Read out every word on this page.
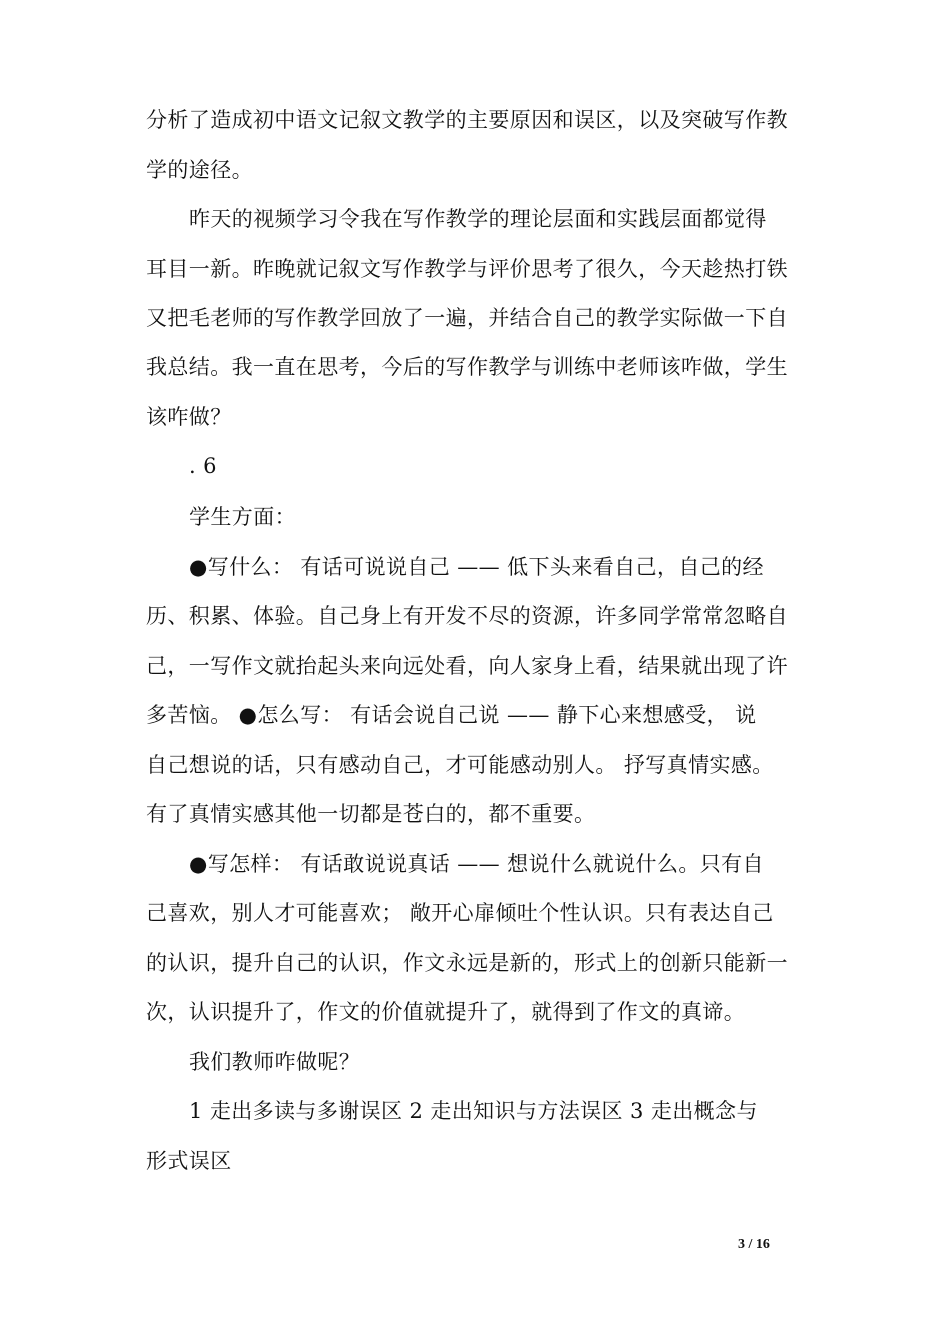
分析了造成初中语文记叙文教学的主要原因和误区，以及突破写作教
学的途径。
昨天的视频学习令我在写作教学的理论层面和实践层面都觉得
耳目一新。昨晚就记叙文写作教学与评价思考了很久，今天趁热打铁
又把毛老师的写作教学回放了一遍，并结合自己的教学实际做一下自
我总结。我一直在思考，今后的写作教学与训练中老师该咋做，学生
该咋做？
. 6
学生方面：
●写什么： 有话可说说自己 —— 低下头来看自己，自己的经
历、积累、体验。自己身上有开发不尽的资源，许多同学常常忽略自
己，一写作文就抬起头来向远处看，向人家身上看，结果就出现了许
多苦恼。 ●怎么写： 有话会说自己说 —— 静下心来想感受， 说
自己想说的话，只有感动自己，才可能感动别人。 抒写真情实感。
有了真情实感其他一切都是苍白的，都不重要。
●写怎样： 有话敢说说真话 —— 想说什么就说什么。只有自
己喜欢，别人才可能喜欢； 敞开心扉倾吐个性认识。只有表达自己
的认识，提升自己的认识，作文永远是新的，形式上的创新只能新一
次，认识提升了，作文的价值就提升了，就得到了作文的真谛。
我们教师咋做呢？
1 走出多读与多谢误区 2 走出知识与方法误区 3 走出概念与
形式误区
3 / 16
